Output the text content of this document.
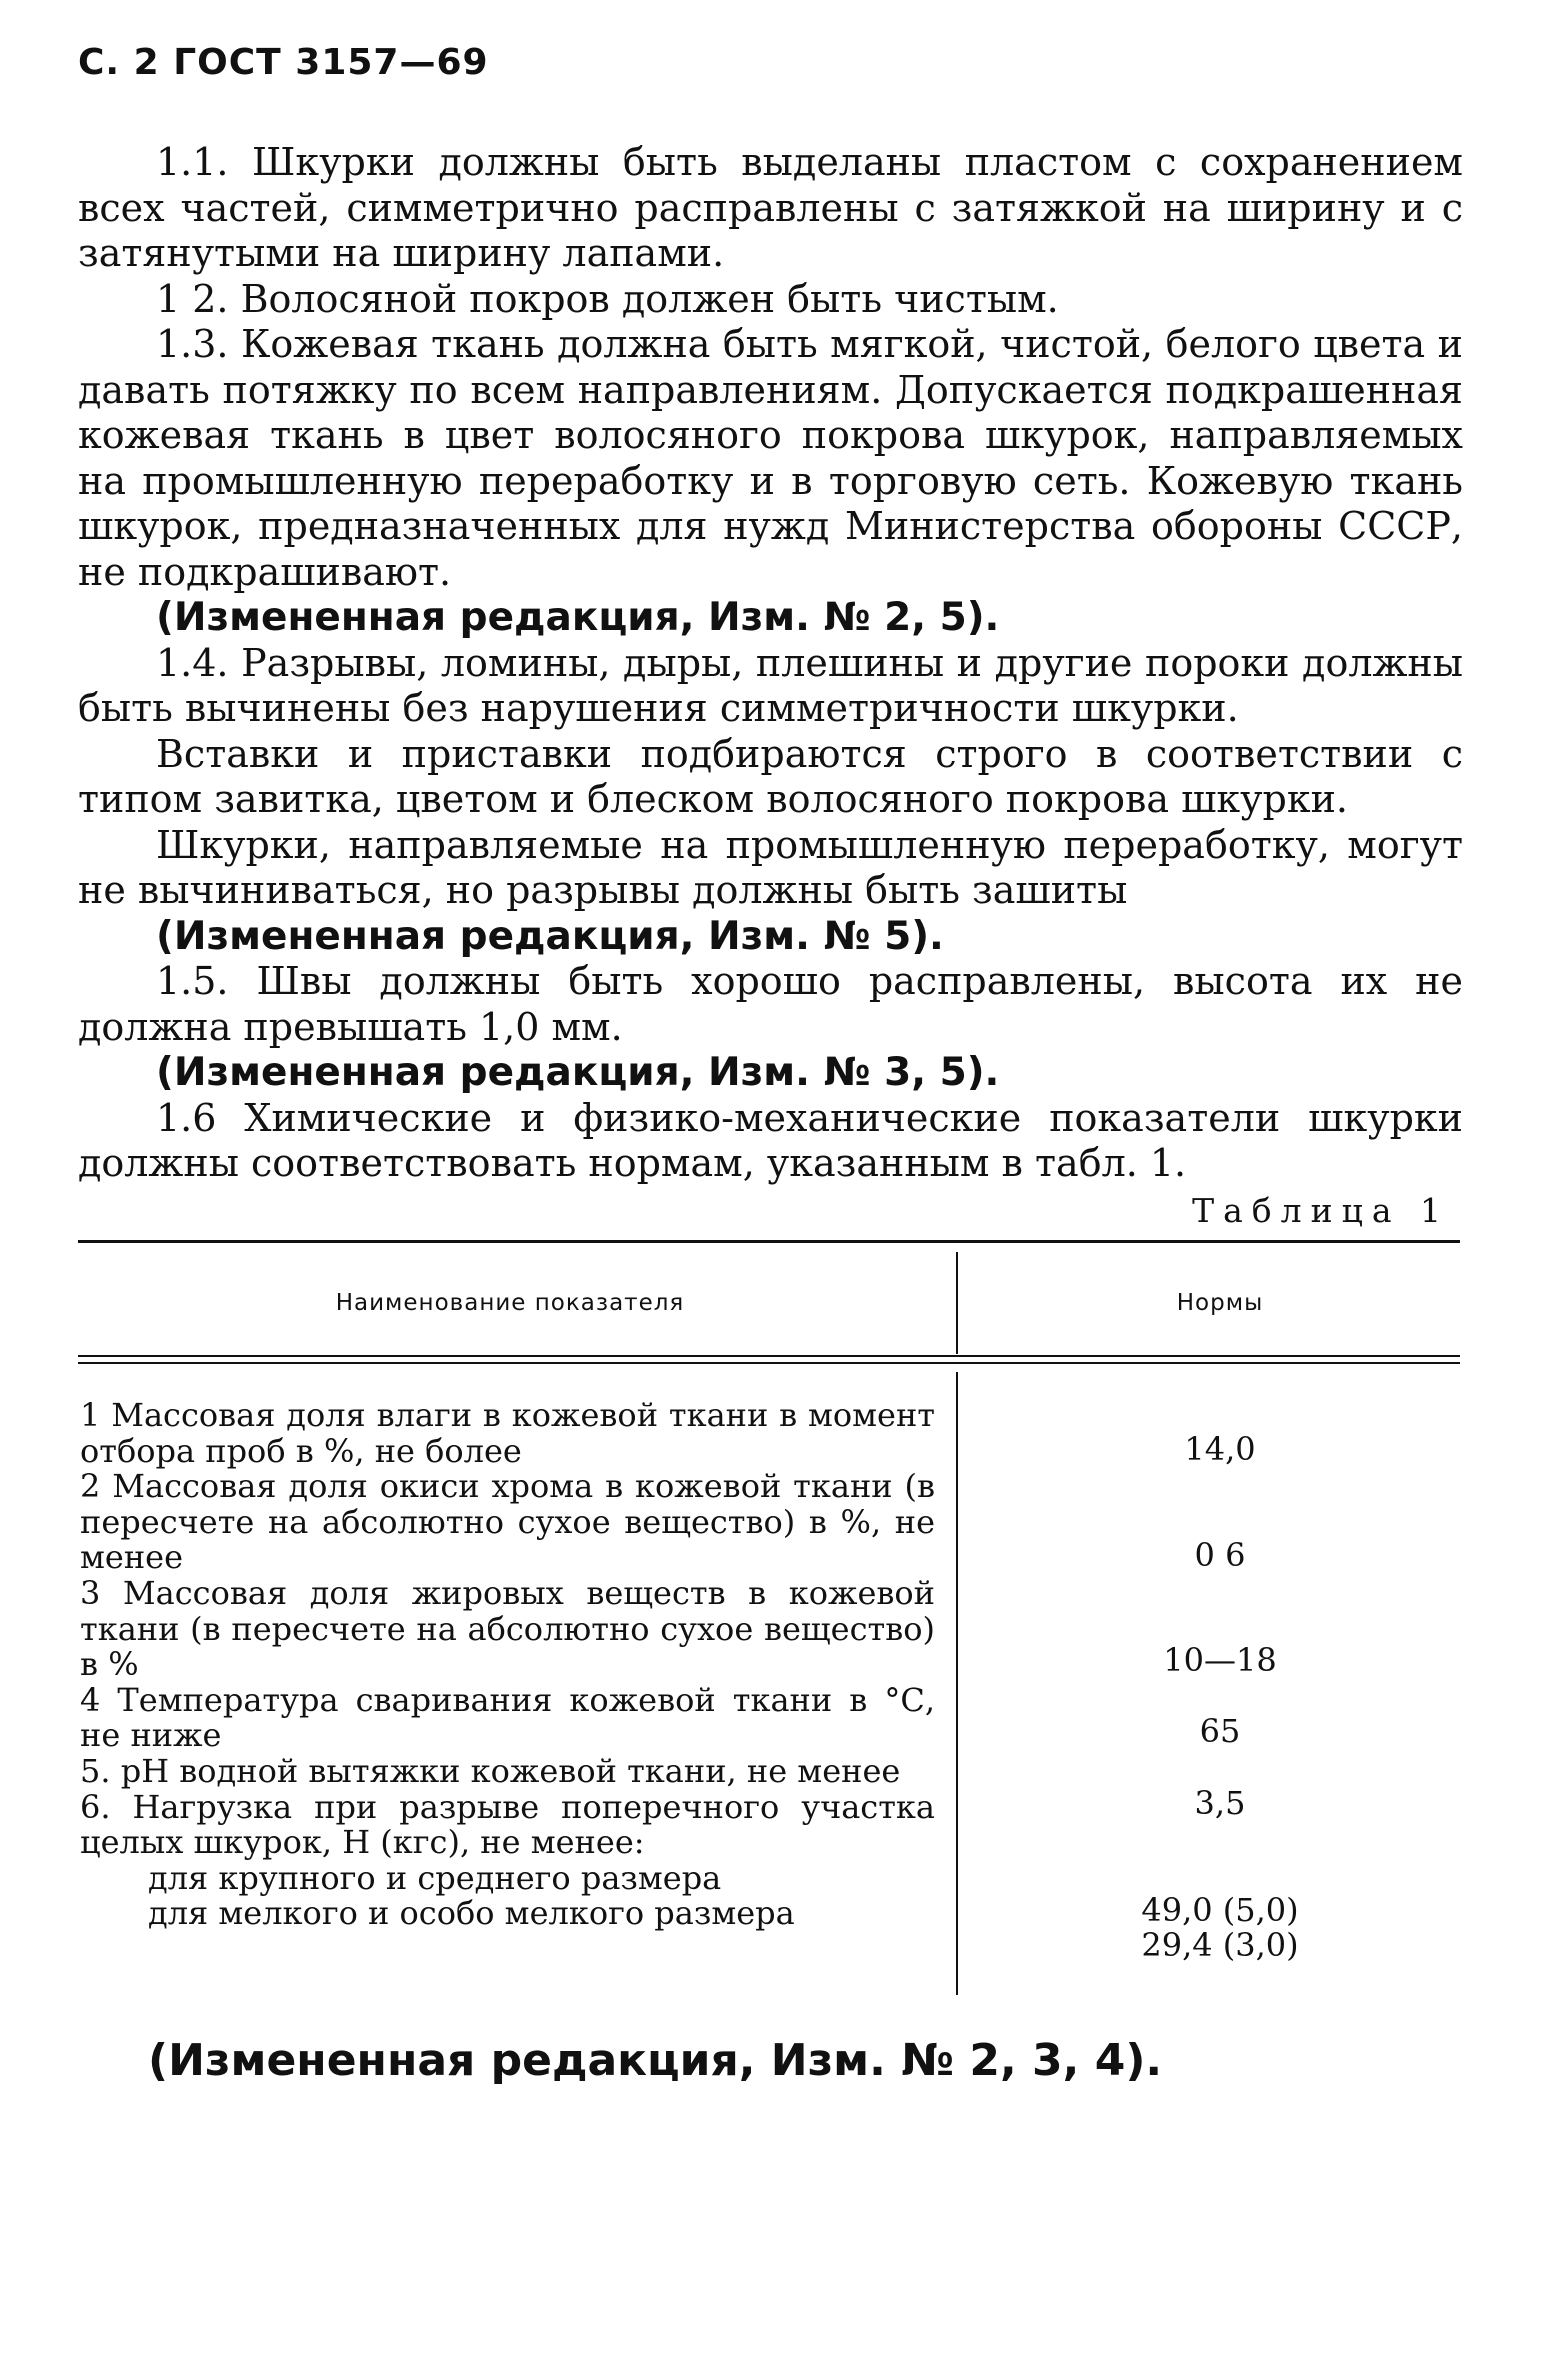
С. 2 ГОСТ 3157—69

1.1. Шкурки должны быть выделаны пластом с сохранением всех частей, симметрично расправлены с затяжкой на ширину и с затянутыми на ширину лапами.

1 2. Волосяной покров должен быть чистым.

1.3. Кожевая ткань должна быть мягкой, чистой, белого цвета и давать потяжку по всем направлениям. Допускается подкрашенная кожевая ткань в цвет волосяного покрова шкурок, направляемых на промышленную переработку и в торговую сеть. Кожевую ткань шкурок, предназначенных для нужд Министерства обороны СССР, не подкрашивают.

(Измененная редакция, Изм. № 2, 5).

1.4. Разрывы, ломины, дыры, плешины и другие пороки должны быть вычинены без нарушения симметричности шкурки.

Вставки и приставки подбираются строго в соответствии с типом завитка, цветом и блеском волосяного покрова шкурки.

Шкурки, направляемые на промышленную переработку, могут не вычиниваться, но разрывы должны быть зашиты

(Измененная редакция, Изм. № 5).

1.5. Швы должны быть хорошо расправлены, высота их не должна превышать 1,0 мм.

(Измененная редакция, Изм. № 3, 5).

1.6 Химические и физико-механические показатели шкурки должны соответствовать нормам, указанным в табл. 1.

Таблица 1
Наименование показателя	Нормы

1 Массовая доля влаги в кожевой ткани в момент отбора проб в %, не более

2 Массовая доля окиси хрома в кожевой ткани (в пересчете на абсолютно сухое вещество) в %, не менее

3 Массовая доля жировых веществ в кожевой ткани (в пересчете на абсолютно сухое вещество) в %

4 Температура сваривания кожевой ткани в °С, не ниже

5. рН водной вытяжки кожевой ткани, не менее

6. Нагрузка при разрыве поперечного участка целых шкурок, Н (кгс), не менее:

для крупного и среднего размера

для мелкого и особо мелкого размера

14,0
0 6
10—18
65
3,5
49,0 (5,0)
29,4 (3,0)
(Измененная редакция, Изм. № 2, 3, 4).
